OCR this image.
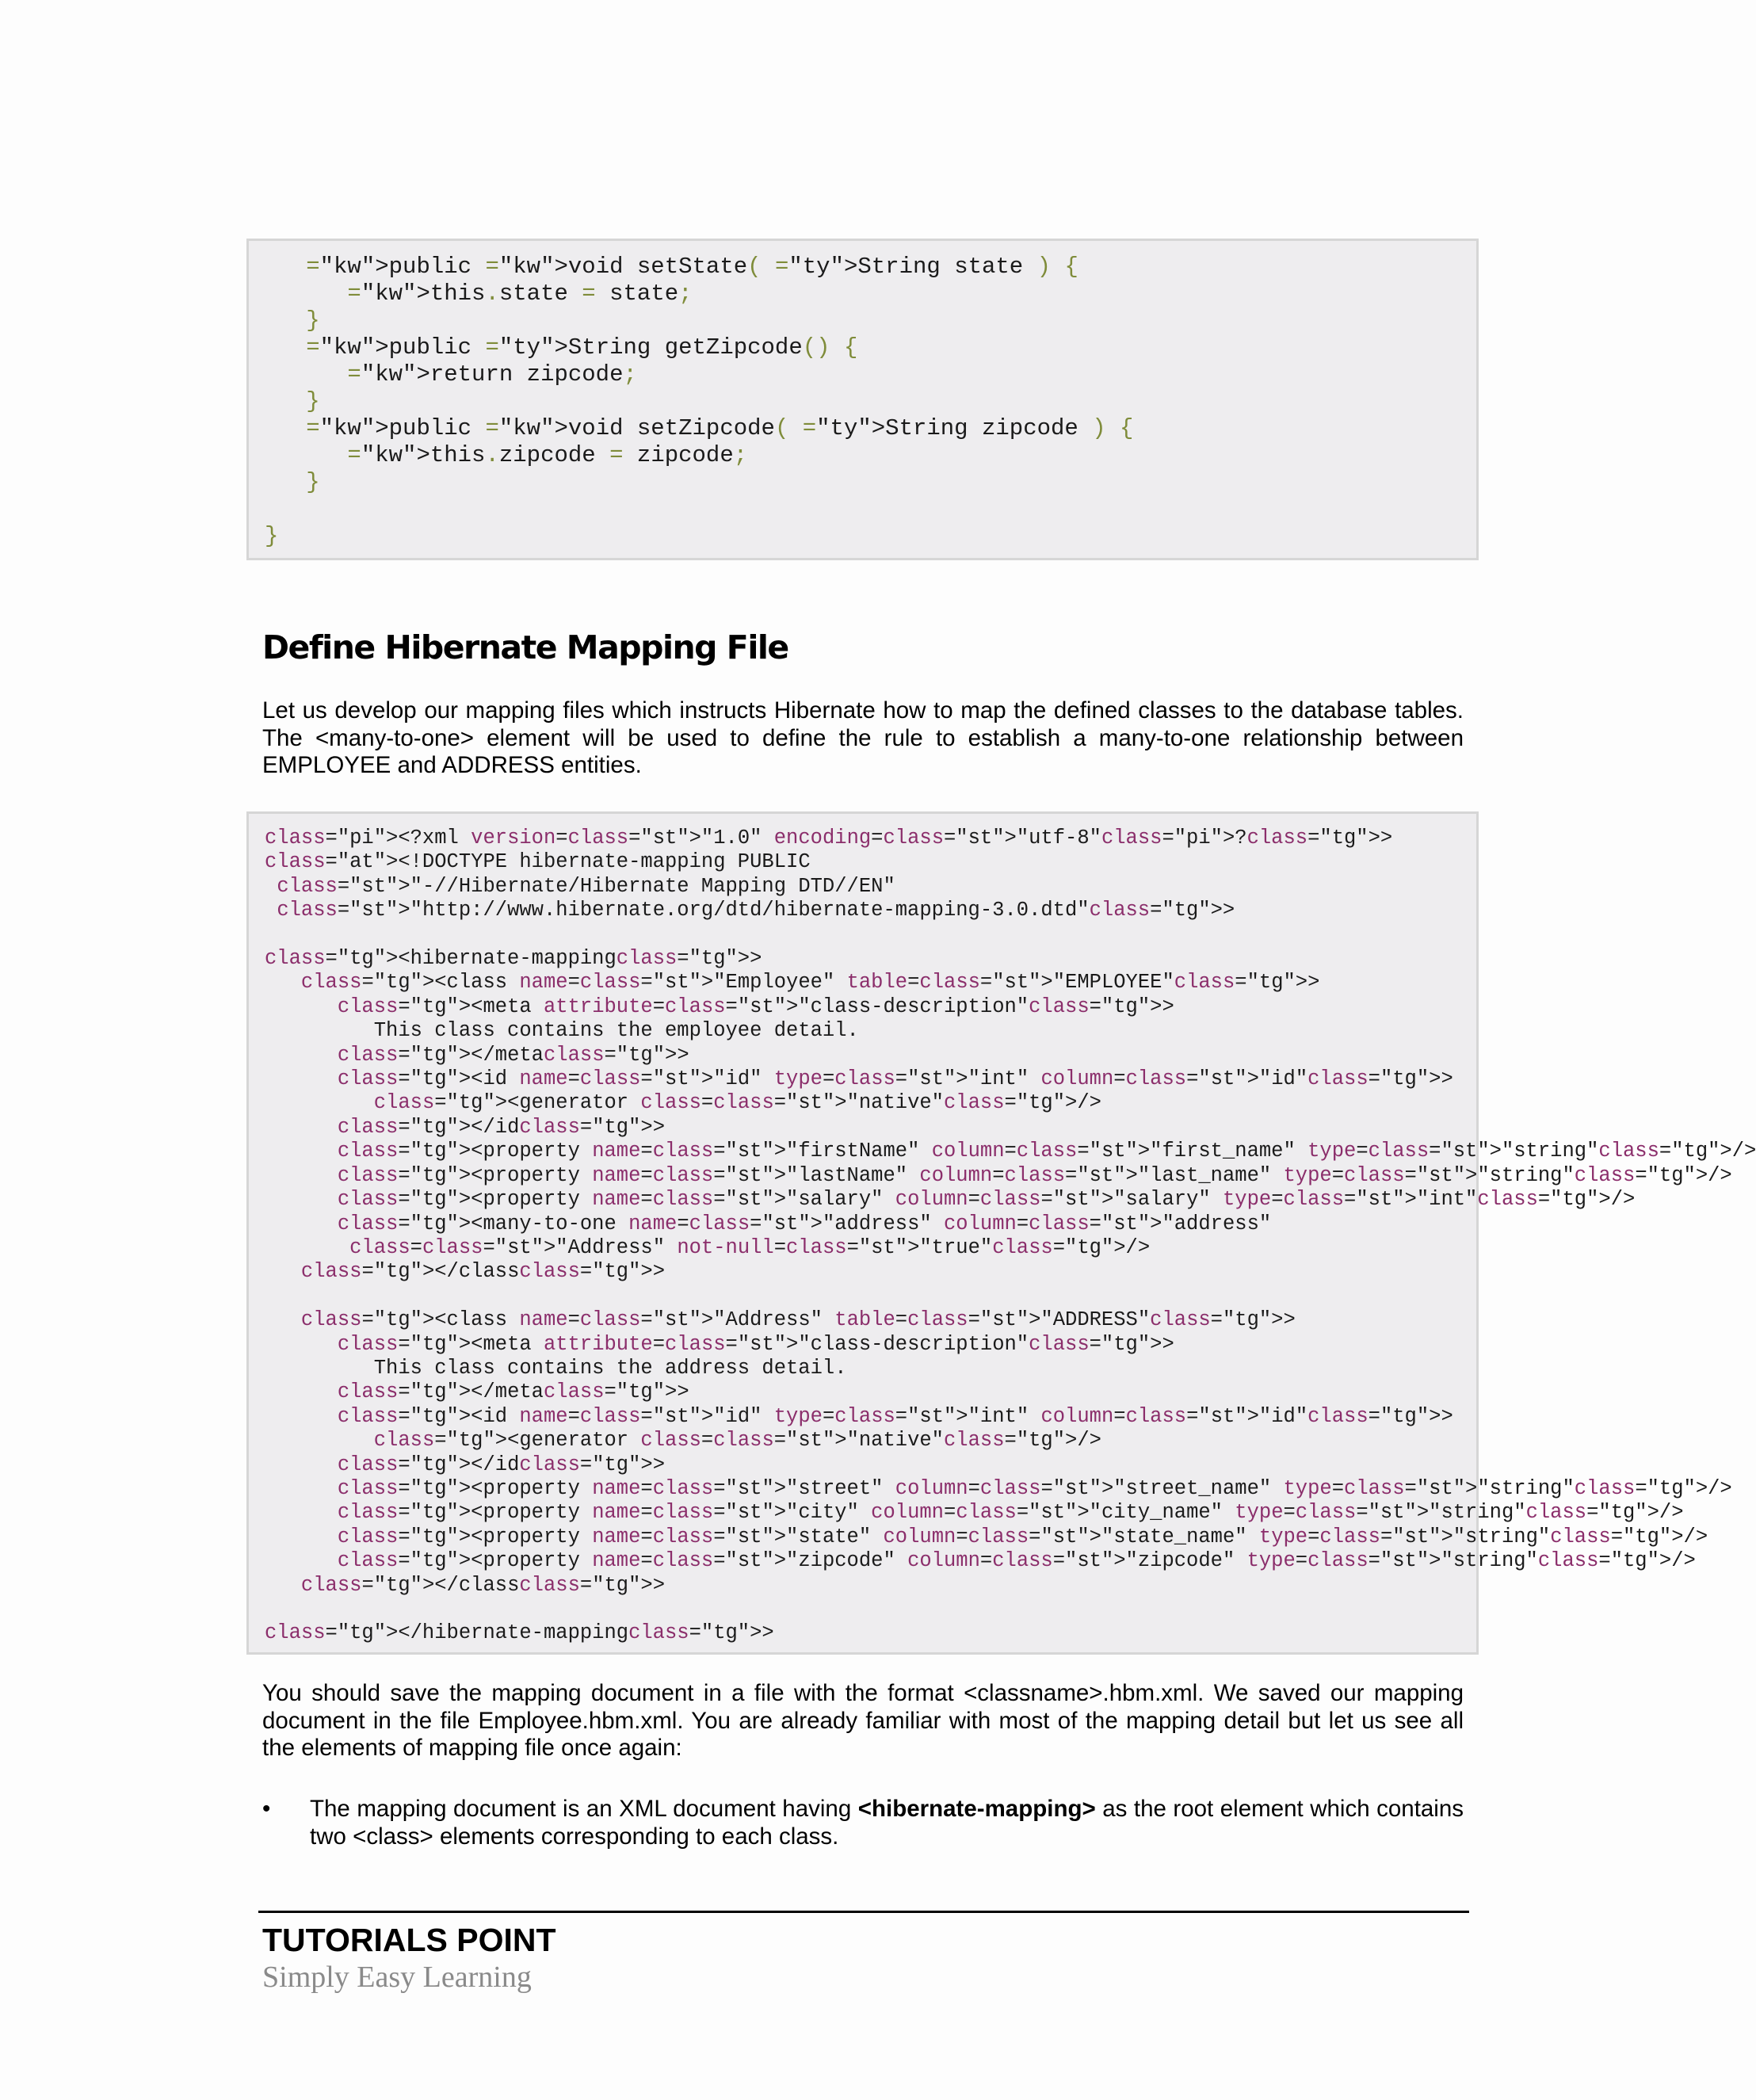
="kw">public ="kw">void setState( ="ty">String state ) {
="kw">this.state = state;
}
="kw">public ="ty">String getZipcode() {
="kw">return zipcode;
}
="kw">public ="kw">void setZipcode( ="ty">String zipcode ) {
="kw">this.zipcode = zipcode;
}

}
Define Hibernate Mapping File

Let us develop our mapping files which instructs Hibernate how to map the defined classes to the database tables. The <many-to-one> element will be used to define the rule to establish a many-to-one relationship between EMPLOYEE and ADDRESS entities.

class="pi"><?xml version=class="st">"1.0" encoding=class="st">"utf-8"class="pi">?class="tg">>
class="at"><!DOCTYPE hibernate-mapping PUBLIC
class="st">"-//Hibernate/Hibernate Mapping DTD//EN"
class="st">"http://www.hibernate.org/dtd/hibernate-mapping-3.0.dtd"class="tg">>

class="tg"><hibernate-mappingclass="tg">>
class="tg"><class name=class="st">"Employee" table=class="st">"EMPLOYEE"class="tg">>
class="tg"><meta attribute=class="st">"class-description"class="tg">>
This class contains the employee detail.
class="tg"></metaclass="tg">>
class="tg"><id name=class="st">"id" type=class="st">"int" column=class="st">"id"class="tg">>
class="tg"><generator class=class="st">"native"class="tg">/>
class="tg"></idclass="tg">>
class="tg"><property name=class="st">"firstName" column=class="st">"first_name" type=class="st">"string"class="tg">/>
class="tg"><property name=class="st">"lastName" column=class="st">"last_name" type=class="st">"string"class="tg">/>
class="tg"><property name=class="st">"salary" column=class="st">"salary" type=class="st">"int"class="tg">/>
class="tg"><many-to-one name=class="st">"address" column=class="st">"address"
class=class="st">"Address" not-null=class="st">"true"class="tg">/>
class="tg"></classclass="tg">>

class="tg"><class name=class="st">"Address" table=class="st">"ADDRESS"class="tg">>
class="tg"><meta attribute=class="st">"class-description"class="tg">>
This class contains the address detail.
class="tg"></metaclass="tg">>
class="tg"><id name=class="st">"id" type=class="st">"int" column=class="st">"id"class="tg">>
class="tg"><generator class=class="st">"native"class="tg">/>
class="tg"></idclass="tg">>
class="tg"><property name=class="st">"street" column=class="st">"street_name" type=class="st">"string"class="tg">/>
class="tg"><property name=class="st">"city" column=class="st">"city_name" type=class="st">"string"class="tg">/>
class="tg"><property name=class="st">"state" column=class="st">"state_name" type=class="st">"string"class="tg">/>
class="tg"><property name=class="st">"zipcode" column=class="st">"zipcode" type=class="st">"string"class="tg">/>
class="tg"></classclass="tg">>

class="tg"></hibernate-mappingclass="tg">>

You should save the mapping document in a file with the format <classname>.hbm.xml. We saved our mapping document in the file Employee.hbm.xml. You are already familiar with most of the mapping detail but let us see all the elements of mapping file once again:

• The mapping document is an XML document having <hibernate-mapping> as the root element which contains two <class> elements corresponding to each class.

TUTORIALS POINT
Simply Easy Learning
